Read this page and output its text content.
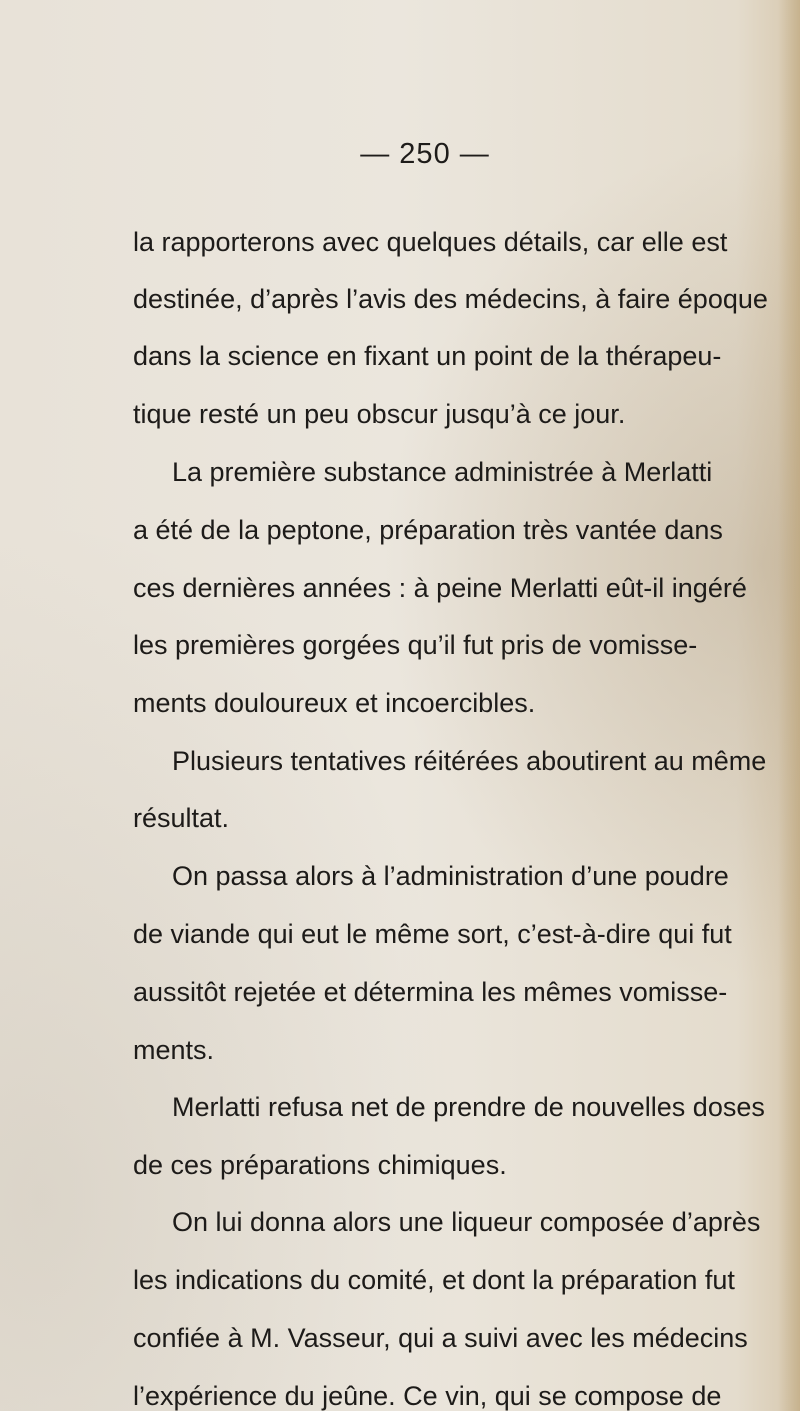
— 250 —
la rapporterons avec quelques détails, car elle est
destinée, d’après l’avis des médecins, à faire époque
dans la science en fixant un point de la thérapeu-
tique resté un peu obscur jusqu’à ce jour.
La première substance administrée à Merlatti
a été de la peptone, préparation très vantée dans
ces dernières années : à peine Merlatti eût-il ingéré
les premières gorgées qu’il fut pris de vomisse-
ments douloureux et incoercibles.
Plusieurs tentatives réitérées aboutirent au même
résultat.
On passa alors à l’administration d’une poudre
de viande qui eut le même sort, c’est-à-dire qui fut
aussitôt rejetée et détermina les mêmes vomisse-
ments.
Merlatti refusa net de prendre de nouvelles doses
de ces préparations chimiques.
On lui donna alors une liqueur composée d’après
les indications du comité, et dont la préparation fut
confiée à M. Vasseur, qui a suivi avec les médecins
l’expérience du jeûne. Ce vin, qui se compose de
